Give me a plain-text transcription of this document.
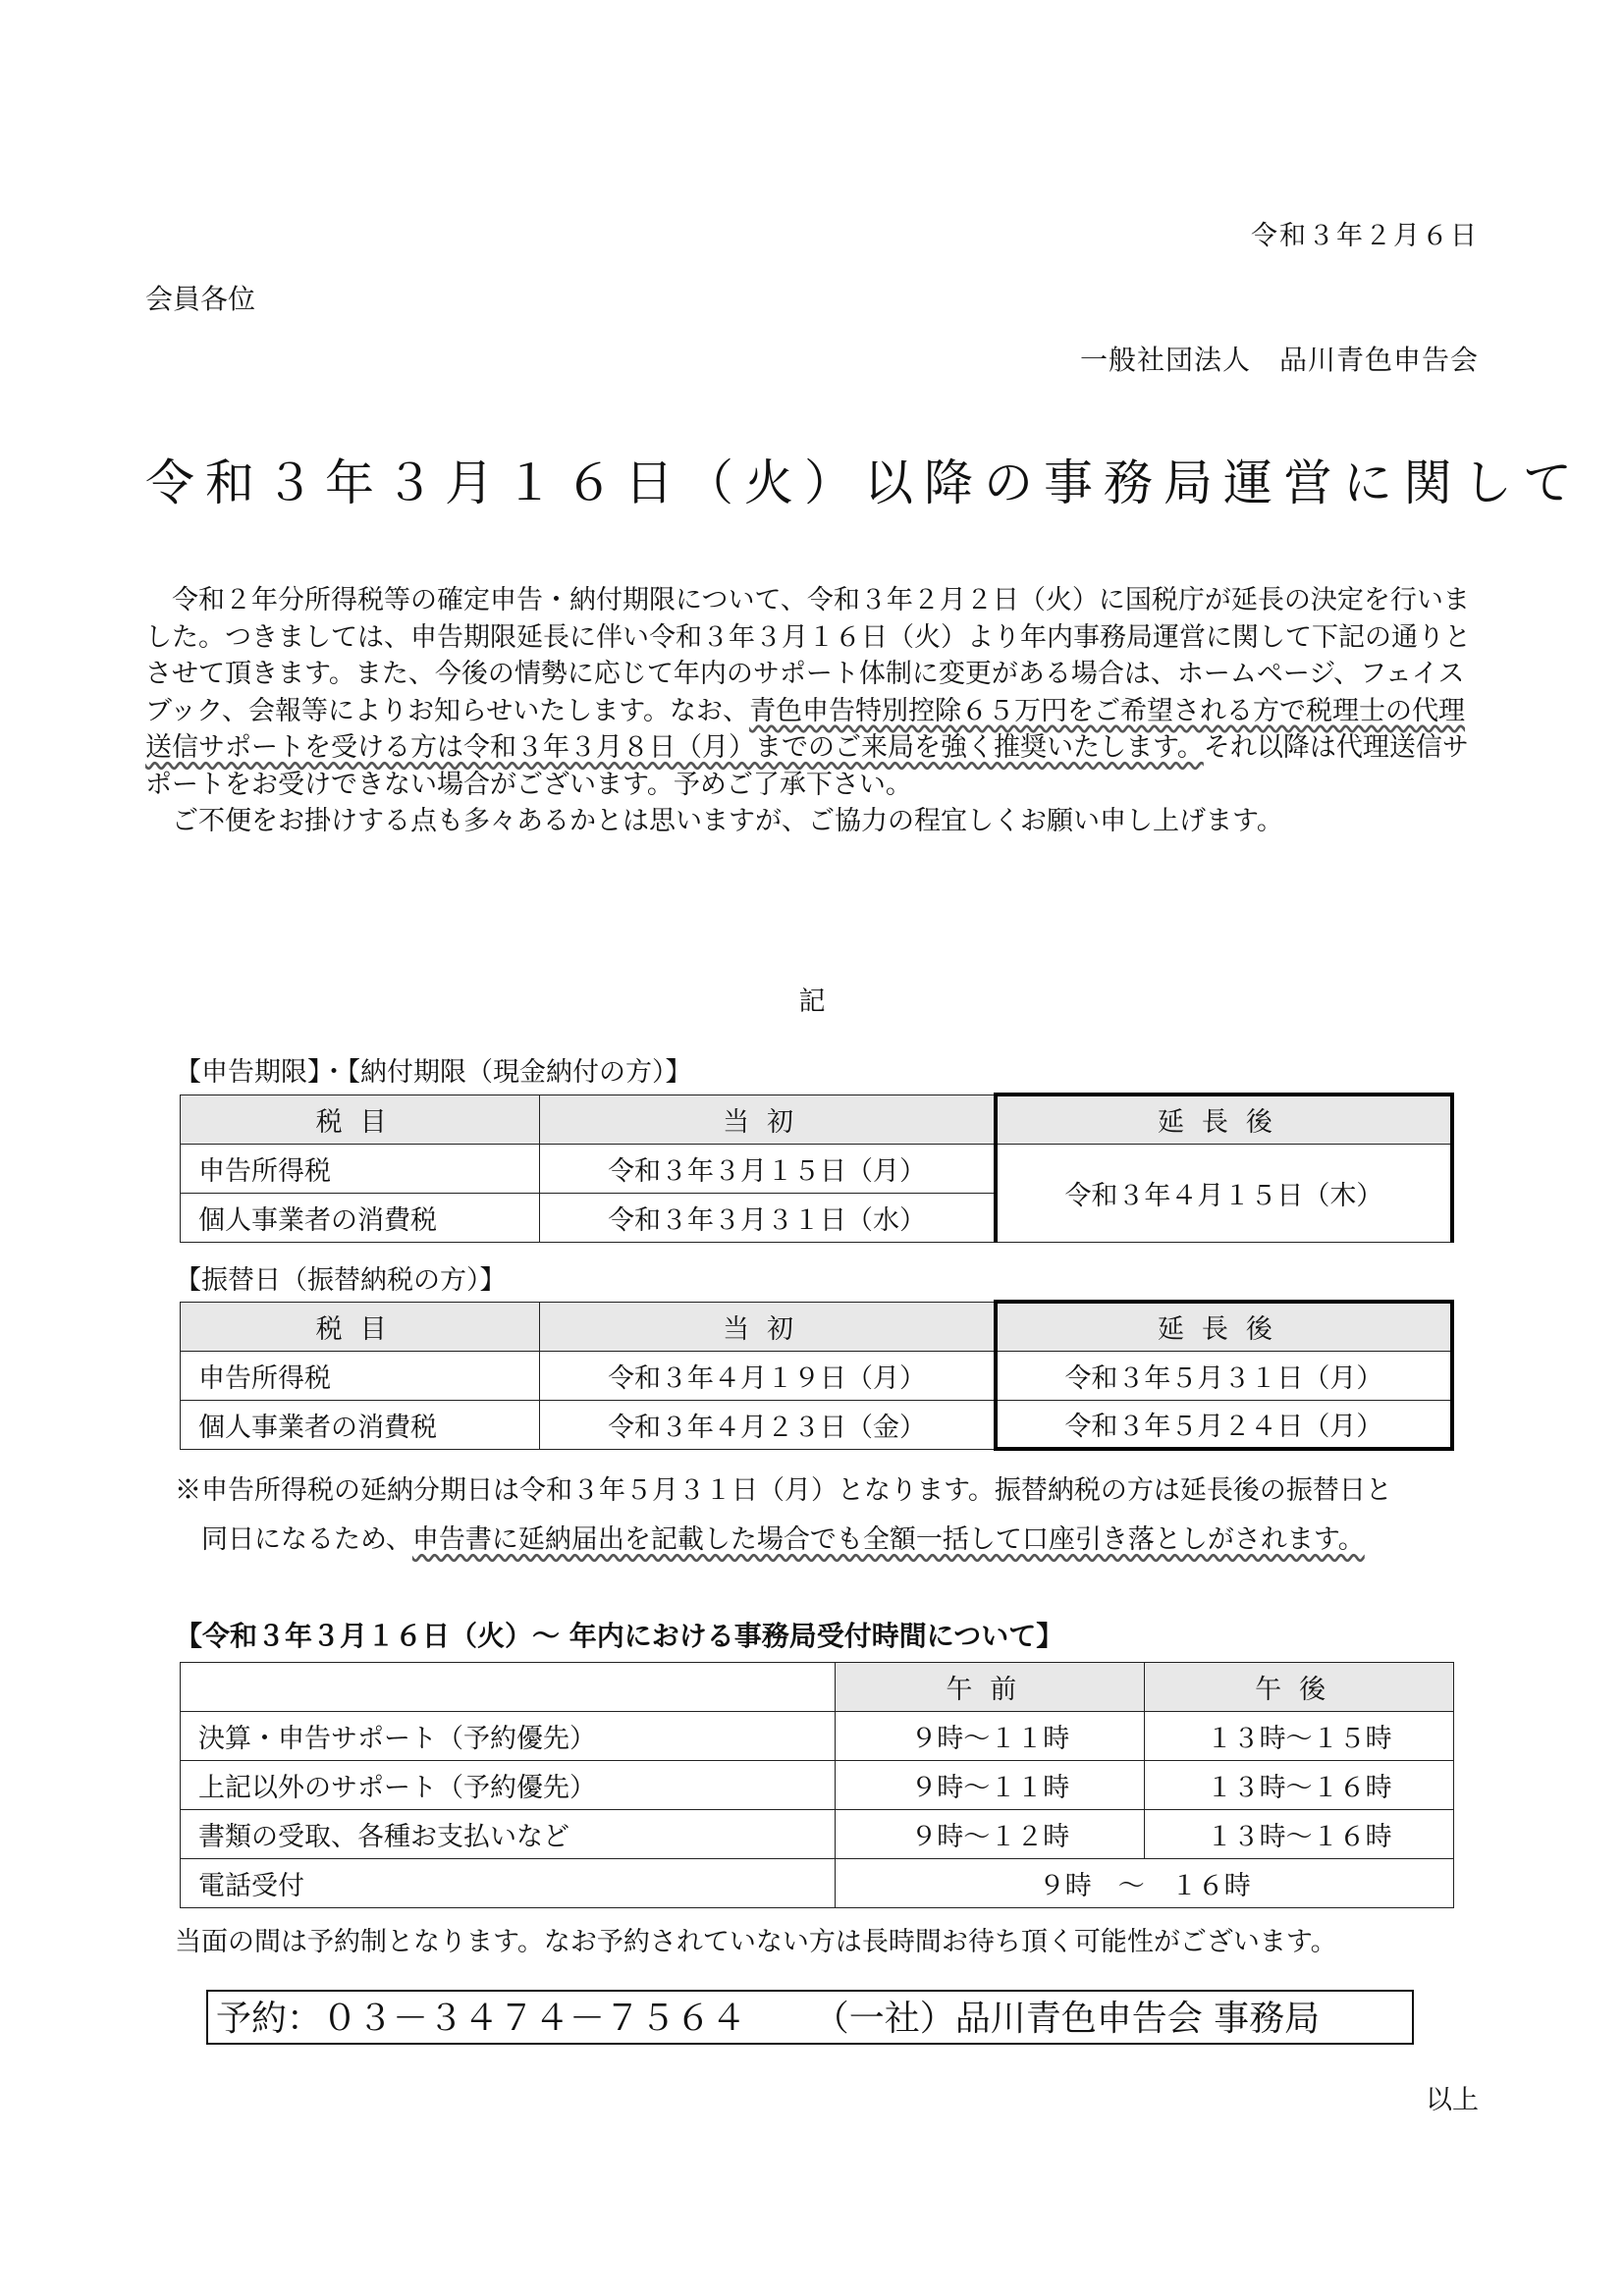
令和３年２月６日
会員各位
一般社団法人　品川青色申告会
令和３年３月１６日（火）以降の事務局運営に関して

令和２年分所得税等の確定申告・納付期限について、令和３年２月２日（火）に国税庁が延長の決定を行いました。つきましては、申告期限延長に伴い令和３年３月１６日（火）より年内事務局運営に関して下記の通りとさせて頂きます。また、今後の情勢に応じて年内のサポート体制に変更がある場合は、ホームページ、フェイスブック、会報等によりお知らせいたします。なお、青色申告特別控除６５万円をご希望される方で税理士の代理送信サポートを受ける方は令和３年３月８日（月）までのご来局を強く推奨いたします。それ以降は代理送信サポートをお受けできない場合がございます。予めご了承下さい。

ご不便をお掛けする点も多々あるかとは思いますが、ご協力の程宜しくお願い申し上げます。

記
【申告期限】・【納付期限（現金納付の方）】
税目	当初	延長後
申告所得税	令和３年３月１５日（月）	令和３年４月１５日（木）
個人事業者の消費税	令和３年３月３１日（水）	
【振替日（振替納税の方）】
税目	当初	延長後
申告所得税	令和３年４月１９日（月）	令和３年５月３１日（月）
個人事業者の消費税	令和３年４月２３日（金）	令和３年５月２４日（月）
※申告所得税の延納分期日は令和３年５月３１日（月）となります。振替納税の方は延長後の振替日と
同日になるため、申告書に延納届出を記載した場合でも全額一括して口座引き落としがされます。
【令和３年３月１６日（火）～ 年内における事務局受付時間について】
	午前	午後
決算・申告サポート（予約優先）	９時～１１時	１３時～１５時
上記以外のサポート（予約優先）	９時～１１時	１３時～１６時
書類の受取、各種お支払いなど	９時～１２時	１３時～１６時
電話受付	９時　～　１６時	
当面の間は予約制となります。なお予約されていない方は長時間お待ち頂く可能性がございます。
予約：０３－３４７４－７５６４ （一社）品川青色申告会 事務局
以上
